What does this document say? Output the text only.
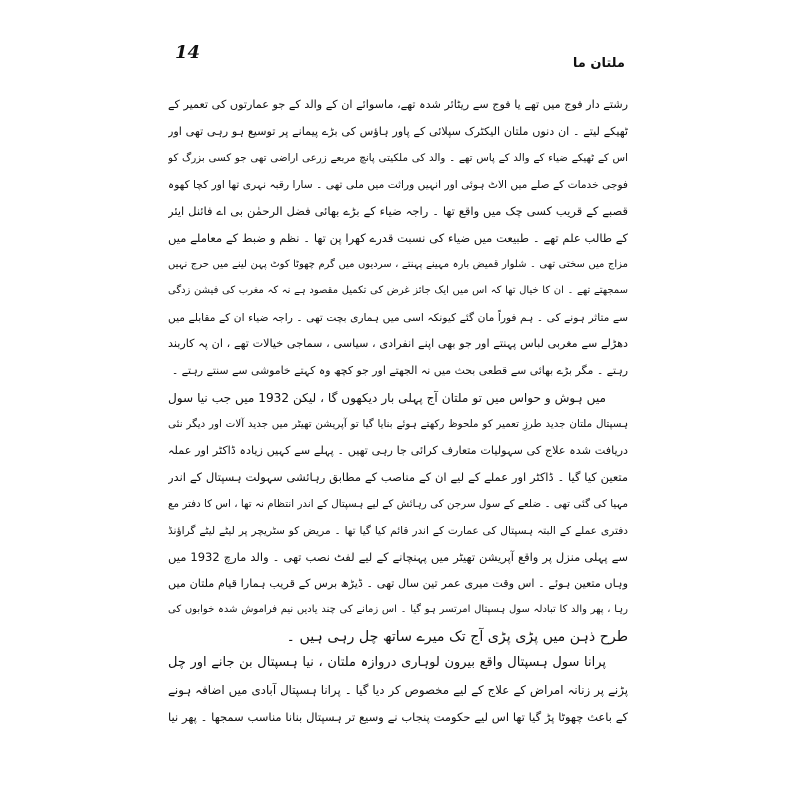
14
ملتان ما
رشتے دار فوج میں تھے یا فوج سے ریٹائر شدہ تھے، ماسوائے ان کے والد کے جو عمارتوں کی تعمیر کے
ٹھیکے لیتے ۔ ان دنوں ملتان الیکٹرک سپلائی کے پاور ہاؤس کی بڑے پیمانے پر توسیع ہو رہی تھی اور
اس کے ٹھیکے ضیاء کے والد کے پاس تھے ۔ والد کی ملکیتی پانچ مربعے زرعی اراضی تھی جو کسی بزرگ کو
فوجی خدمات کے صلے میں الاٹ ہوئی اور انہیں وراثت میں ملی تھی ۔ سارا رقبہ نہری تھا اور کچا کھوہ
قصبے کے قریب کسی چک میں واقع تھا ۔ راجہ ضیاء کے بڑے بھائی فضل الرحمٰن بی اے فائنل ایئر
کے طالب علم تھے ۔ طبیعت میں ضیاء کی نسبت قدرے کھرا پن تھا ۔ نظم و ضبط کے معاملے میں
مزاج میں سختی تھی ۔ شلوار قمیض بارہ مہینے پہنتے ، سردیوں میں گرم چھوٹا کوٹ پہن لینے میں حرج نہیں
سمجھتے تھے ۔ ان کا خیال تھا کہ اس میں ایک جائز غرض کی تکمیل مقصود ہے نہ کہ مغرب کی فیشن زدگی
سے متاثر ہونے کی ۔ ہم فوراً مان گئے کیونکہ اسی میں ہماری بچت تھی ۔ راجہ ضیاء ان کے مقابلے میں
دھڑلے سے مغربی لباس پہنتے اور جو بھی اپنے انفرادی ، سیاسی ، سماجی خیالات تھے ، ان پہ کاربند
رہتے ۔ مگر بڑے بھائی سے قطعی بحث میں نہ الجھتے اور جو کچھ وہ کہتے خاموشی سے سنتے رہتے ۔
میں ہوش و حواس میں تو ملتان آج پہلی بار دیکھوں گا ، لیکن 1932 میں جب نیا سول
ہسپتال ملتان جدید طرزِ تعمیر کو ملحوظ رکھتے ہوئے بنایا گیا تو آپریشن تھیٹر میں جدید آلات اور دیگر نئی
دریافت شدہ علاج کی سہولیات متعارف کرائی جا رہی تھیں ۔ پہلے سے کہیں زیادہ ڈاکٹر اور عملہ
متعین کیا گیا ۔ ڈاکٹر اور عملے کے لیے ان کے مناصب کے مطابق رہائشی سہولت ہسپتال کے اندر
مہیا کی گئی تھی ۔ ضلعے کے سول سرجن کی رہائش کے لیے ہسپتال کے اندر انتظام نہ تھا ، اس کا دفتر مع
دفتری عملے کے البتہ ہسپتال کی عمارت کے اندر قائم کیا گیا تھا ۔ مریض کو سٹریچر پر لیٹے لیٹے گراؤنڈ
سے پہلی منزل پر واقع آپریشن تھیٹر میں پہنچانے کے لیے لفٹ نصب تھی ۔ والد مارچ 1932 میں
وہاں متعین ہوئے ۔ اس وقت میری عمر تین سال تھی ۔ ڈیڑھ برس کے قریب ہمارا قیام ملتان میں
رہا ، پھر والد کا تبادلہ سول ہسپتال امرتسر ہو گیا ۔ اس زمانے کی چند یادیں نیم فراموش شدہ خوابوں کی
طرح ذہن میں پڑی پڑی آج تک میرے ساتھ چل رہی ہیں ۔
پرانا سول ہسپتال واقع بیرون لوہاری دروازہ ملتان ، نیا ہسپتال بن جانے اور چل
پڑنے پر زنانہ امراض کے علاج کے لیے مخصوص کر دیا گیا ۔ پرانا ہسپتال آبادی میں اضافہ ہونے
کے باعث چھوٹا پڑ گیا تھا اس لیے حکومت پنجاب نے وسیع تر ہسپتال بنانا مناسب سمجھا ۔ پھر نیا
